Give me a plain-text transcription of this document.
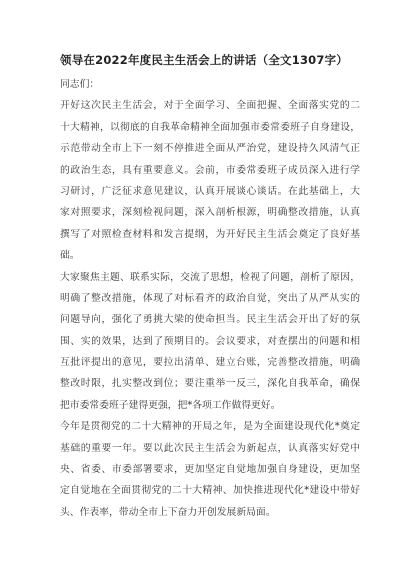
领导在2022年度民主生活会上的讲话（全文1307字）
同志们：
开好这次民主生活会，对于全面学习、全面把握、全面落实党的二
十大精神，以彻底的自我革命精神全面加强市委常委班子自身建设，
示范带动全市上下一刻不停推进全面从严治党，建设持久风清气正
的政治生态，具有重要意义。会前，市委常委班子成员深入进行学
习研讨，广泛征求意见建议，认真开展谈心谈话。在此基础上，大
家对照要求，深刻检视问题，深入剖析根源，明确整改措施，认真
撰写了对照检查材料和发言提纲，为开好民主生活会奠定了良好基
础。
大家聚焦主题、联系实际，交流了思想，检视了问题，剖析了原因，
明确了整改措施，体现了对标看齐的政治自觉，突出了从严从实的
问题导向，强化了勇挑大梁的使命担当。民主生活会开出了好的氛
围、实的效果，达到了预期目的。会议要求，对查摆出的问题和相
互批评提出的意见，要拉出清单、建立台账，完善整改措施，明确
整改时限，扎实整改到位；要注重举一反三，深化自我革命，确保
把市委常委班子建得更强，把*各项工作做得更好。
今年是贯彻党的二十大精神的开局之年，是为全面建设现代化*奠定
基础的重要一年。要以此次民主生活会为新起点，认真落实好党中
央、省委、市委部署要求，更加坚定自觉地加强自身建设，更加坚
定自觉地在全面贯彻党的二十大精神、加快推进现代化*建设中带好
头、作表率，带动全市上下奋力开创发展新局面。
